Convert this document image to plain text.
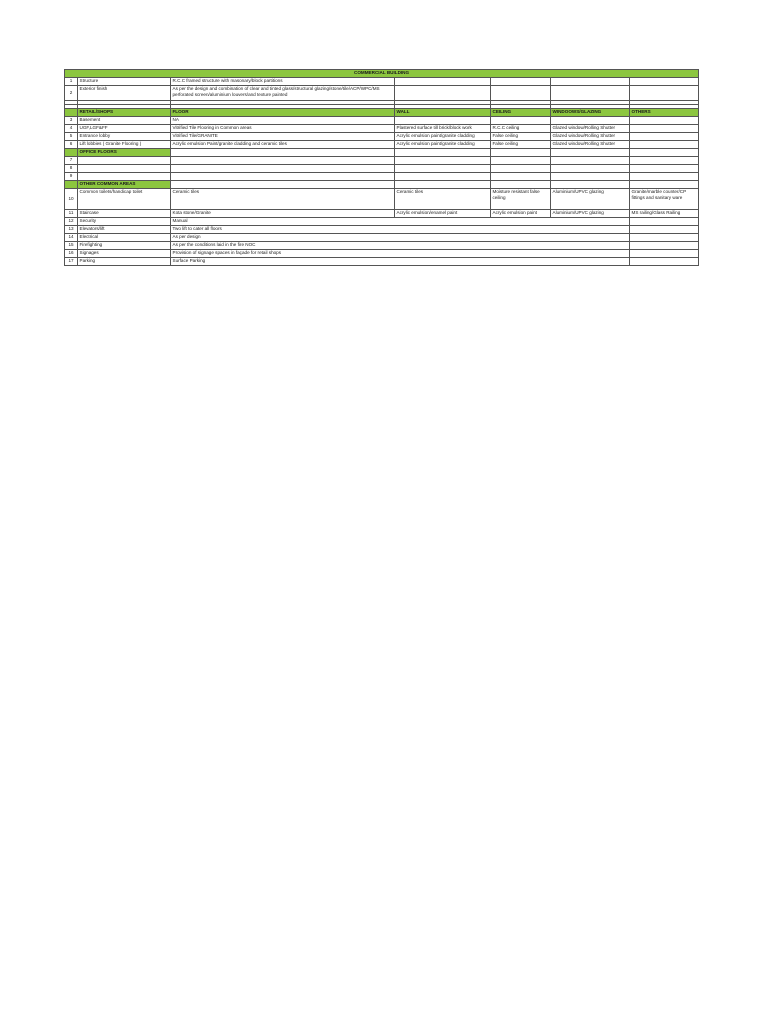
COMMERCIAL BUILDING						
1	Structure	R.C.C framed structure with masonary/block partitions				
2	Exterior finish	As per the design and combination of clear and tinted glass/structural glazing/stone/tile/ACP/WPC/MS perforated screen/aluminium louvers/and texture painted				

	RETAIL/SHOPS	FLOOR	WALL	CEILING	WINDOOWS/GLAZING	OTHERS
3	Basement	NA				
4	UGF,LGF&FF	Vitrified Tile Flooring in Common areas	Plastered surface till brick/block work	R.C.C ceiling	Glazed window/Rolling Shutter	
5	Entrance lobby	Vitrified Tile/GRANITE	Acrylic emulsion paint/granite cladding	False ceiling	Glazed window/Rolling Shutter	
6	Lift lobbies ( Granite Flooring )	Acrylic emulsion Paint/granite cladding and ceramic tiles	Acrylic emulsion paint/granite cladding	False ceiling	Glazed window/Rolling Shutter	
	OFFICE FLOORS					
7						
8						
9						
	OTHER COMMON AREAS					
10	Common toilets/handicap toilet	Ceramic tiles	Ceramic tiles	Moisture resistant false ceiling	Aluminium/UPVC glazing	Granite/marble counter/CP fittings and sanitary ware
11	Staircase	Kota stone/Granite	Acrylic emulsion/enamel paint	Acrylic emulsion paint	Aluminium/UPVC glazing	MS railing/Glass Railing
12	Security	Manual				
13	Elevators/lift	Two lift to cater all floors				
14	Electrical	As per design				
15	Firefighting	As per the conditions laid in the fire NOC				
16	Signages	Provision of signage spaces in façade for retail shops				
17	Parking	Surface Parking				
